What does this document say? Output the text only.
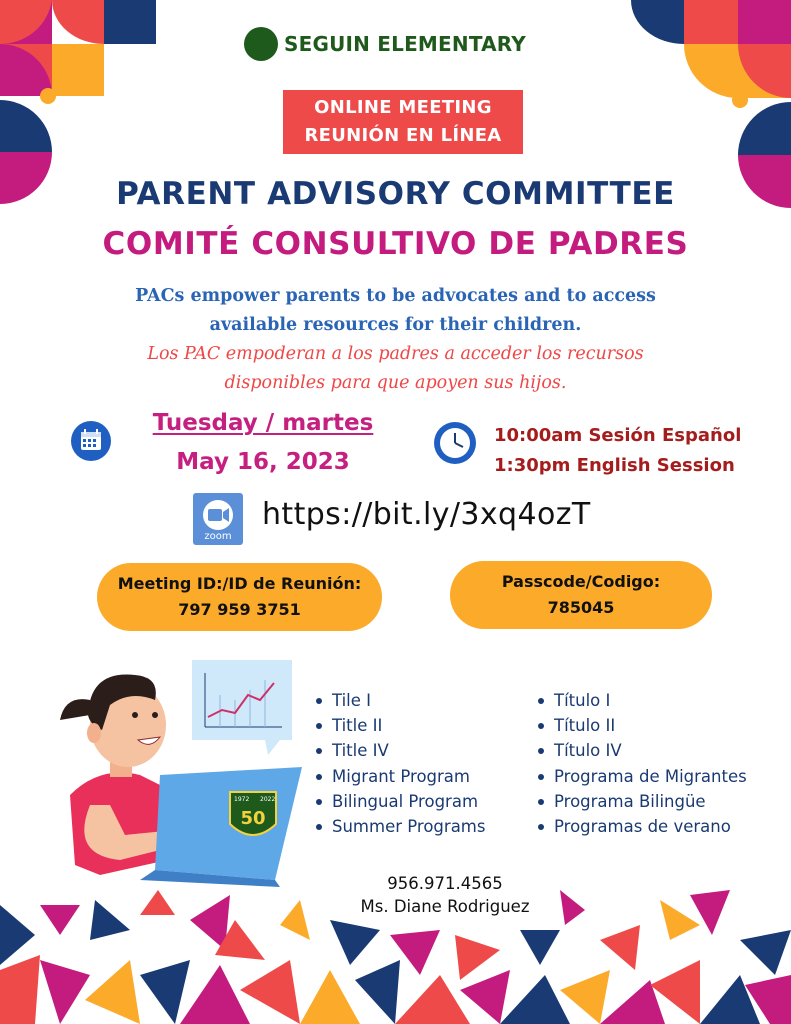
SEGUIN ELEMENTARY
ONLINE MEETING
REUNIÓN EN LÍNEA
PARENT ADVISORY COMMITTEE
COMITÉ CONSULTIVO DE PADRES
PACs empower parents to be advocates and to access
available resources for their children.
Los PAC empoderan a los padres a acceder los recursos
disponibles para que apoyen sus hijos.
Tuesday / martes
May 16, 2023
10:00am Sesión Español
1:30pm English Session
zoom
https://bit.ly/3xq4ozT
Meeting ID:/ID de Reunión:
797 959 3751
Passcode/Codigo:
785045
1972 2022
50
Tile I
Title II
Title IV
Migrant Program
Bilingual Program
Summer Programs
Título I
Título II
Título IV
Programa de Migrantes
Programa Bilingüe
Programas de verano
956.971.4565
Ms. Diane Rodriguez
